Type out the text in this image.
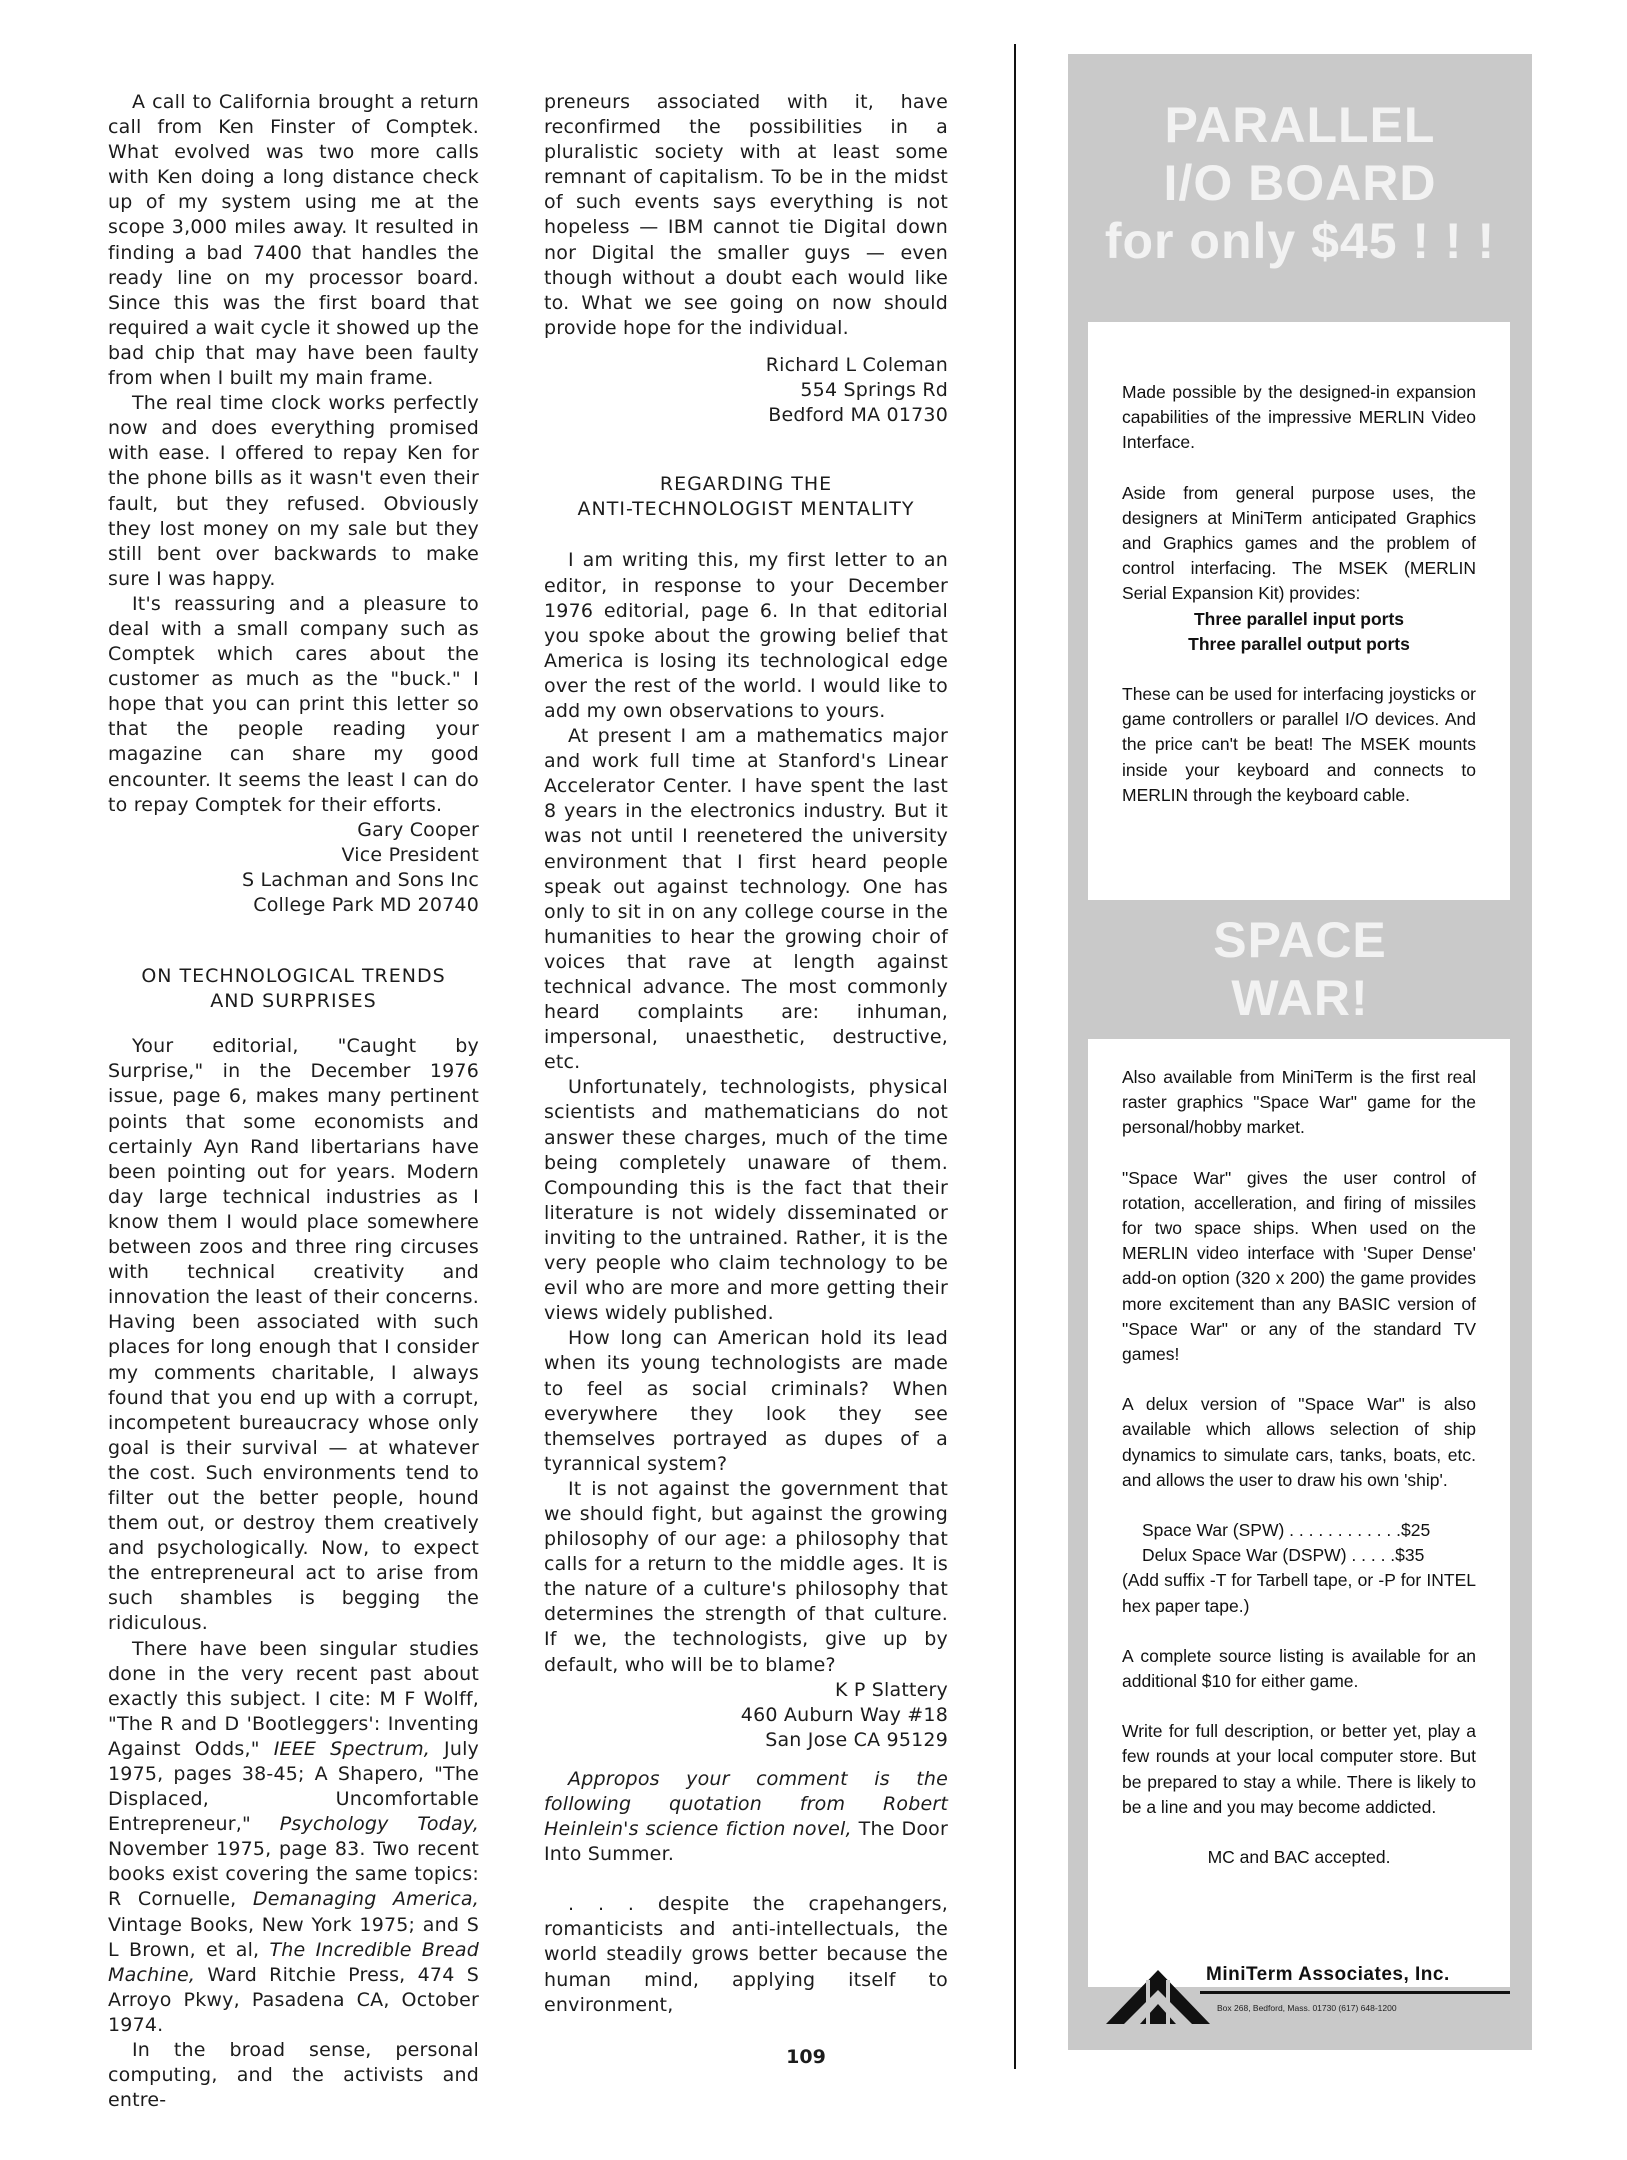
A call to California brought a return call from Ken Finster of Comptek. What evolved was two more calls with Ken doing a long distance check up of my system using me at the scope 3,000 miles away. It resulted in finding a bad 7400 that handles the ready line on my processor board. Since this was the first board that required a wait cycle it showed up the bad chip that may have been faulty from when I built my main frame.

The real time clock works perfectly now and does everything promised with ease. I offered to repay Ken for the phone bills as it wasn't even their fault, but they refused. Obviously they lost money on my sale but they still bent over backwards to make sure I was happy.

It's reassuring and a pleasure to deal with a small company such as Comptek which cares about the customer as much as the "buck." I hope that you can print this letter so that the people reading your magazine can share my good encounter. It seems the least I can do to repay Comptek for their efforts.

Gary Cooper
Vice President
S Lachman and Sons Inc
College Park MD 20740
ON TECHNOLOGICAL TRENDS
AND SURPRISES

Your editorial, "Caught by Surprise," in the December 1976 issue, page 6, makes many pertinent points that some economists and certainly Ayn Rand libertarians have been pointing out for years. Modern day large technical industries as I know them I would place somewhere between zoos and three ring circuses with technical creativity and innovation the least of their concerns. Having been associated with such places for long enough that I consider my comments charitable, I always found that you end up with a corrupt, incompetent bureaucracy whose only goal is their survival — at whatever the cost. Such environments tend to filter out the better people, hound them out, or destroy them creatively and psychologically. Now, to expect the entrepreneural act to arise from such shambles is begging the ridiculous.

There have been singular studies done in the very recent past about exactly this subject. I cite: M F Wolff, "The R and D 'Bootleggers': Inventing Against Odds," IEEE Spectrum, July 1975, pages 38-45; A Shapero, "The Displaced, Uncomfortable Entrepreneur," Psychology Today, November 1975, page 83. Two recent books exist covering the same topics: R Cornuelle, Demanaging America, Vintage Books, New York 1975; and S L Brown, et al, The Incredible Bread Machine, Ward Ritchie Press, 474 S Arroyo Pkwy, Pasadena CA, October 1974.

In the broad sense, personal computing, and the activists and entre-

preneurs associated with it, have reconfirmed the possibilities in a pluralistic society with at least some remnant of capitalism. To be in the midst of such events says everything is not hopeless — IBM cannot tie Digital down nor Digital the smaller guys — even though without a doubt each would like to. What we see going on now should provide hope for the individual.

Richard L Coleman
554 Springs Rd
Bedford MA 01730
REGARDING THE
ANTI-TECHNOLOGIST MENTALITY

I am writing this, my first letter to an editor, in response to your December 1976 editorial, page 6. In that editorial you spoke about the growing belief that America is losing its technological edge over the rest of the world. I would like to add my own observations to yours.

At present I am a mathematics major and work full time at Stanford's Linear Accelerator Center. I have spent the last 8 years in the electronics industry. But it was not until I reenetered the university environment that I first heard people speak out against technology. One has only to sit in on any college course in the humanities to hear the growing choir of voices that rave at length against technical advance. The most commonly heard complaints are: inhuman, impersonal, unaesthetic, destructive, etc.

Unfortunately, technologists, physical scientists and mathematicians do not answer these charges, much of the time being completely unaware of them. Compounding this is the fact that their literature is not widely disseminated or inviting to the untrained. Rather, it is the very people who claim technology to be evil who are more and more getting their views widely published.

How long can American hold its lead when its young technologists are made to feel as social criminals? When everywhere they look they see themselves portrayed as dupes of a tyrannical system?

It is not against the government that we should fight, but against the growing philosophy of our age: a philosophy that calls for a return to the middle ages. It is the nature of a culture's philosophy that determines the strength of that culture. If we, the technologists, give up by default, who will be to blame?

K P Slattery
460 Auburn Way #18
San Jose CA 95129

Appropos your comment is the following quotation from Robert Heinlein's science fiction novel, The Door Into Summer.

. . . despite the crapehangers, romanticists and anti-intellectuals, the world steadily grows better because the human mind, applying itself to environment,

109
PARALLEL
I/O BOARD
for only $45 ! ! !

Made possible by the designed-in expansion capabilities of the impressive MERLIN Video Interface.

Aside from general purpose uses, the designers at MiniTerm anticipated Graphics and Graphics games and the problem of control interfacing. The MSEK (MERLIN Serial Expansion Kit) provides:

Three parallel input ports

Three parallel output ports

These can be used for interfacing joysticks or game controllers or parallel I/O devices. And the price can't be beat! The MSEK mounts inside your keyboard and connects to MERLIN through the keyboard cable.

SPACE
WAR!

Also available from MiniTerm is the first real raster graphics "Space War" game for the personal/hobby market.

"Space War" gives the user control of rotation, accelleration, and firing of missiles for two space ships. When used on the MERLIN video interface with 'Super Dense' add-on option (320 x 200) the game provides more excitement than any BASIC version of "Space War" or any of the standard TV games!

A delux version of "Space War" is also available which allows selection of ship dynamics to simulate cars, tanks, boats, etc. and allows the user to draw his own 'ship'.

Space War (SPW) . . . . . . . . . . . .$25

Delux Space War (DSPW) . . . . .$35

(Add suffix -T for Tarbell tape, or -P for INTEL hex paper tape.)

A complete source listing is available for an additional $10 for either game.

Write for full description, or better yet, play a few rounds at your local computer store. But be prepared to stay a while. There is likely to be a line and you may become addicted.

MC and BAC accepted.

MiniTerm Associates, Inc.
Box 268, Bedford, Mass. 01730 (617) 648-1200
